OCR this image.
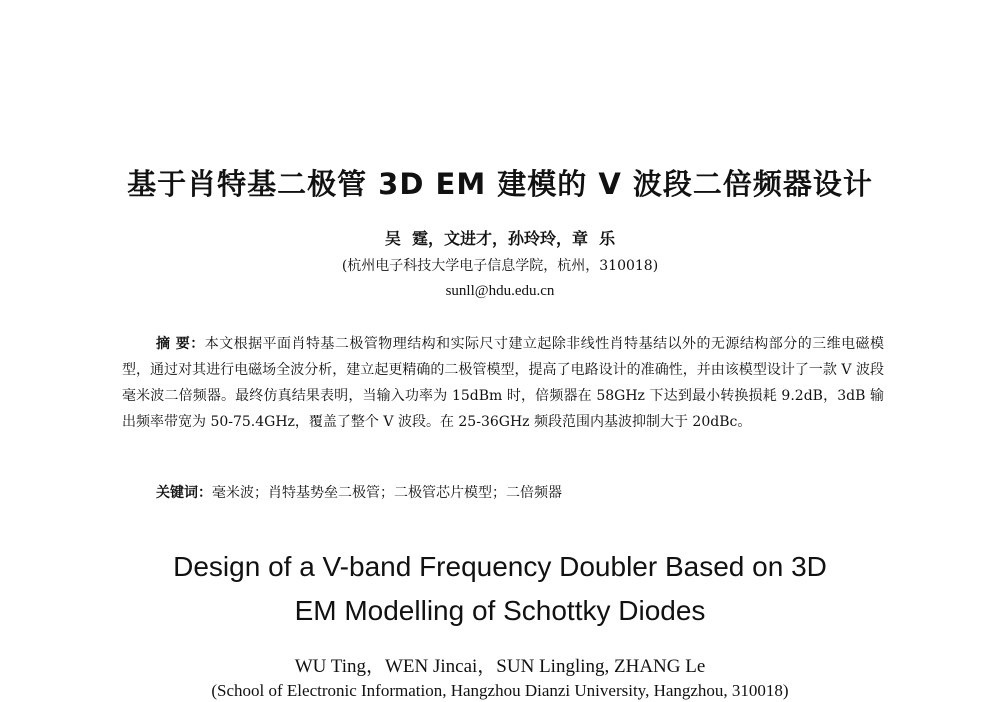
基于肖特基二极管 3D EM 建模的 V 波段二倍频器设计
吴  霆，文进才，孙玲玲，章  乐
(杭州电子科技大学电子信息学院，杭州，310018)
sunll@hdu.edu.cn
摘 要：本文根据平面肖特基二极管物理结构和实际尺寸建立起除非线性肖特基结以外的无源结构部分的三维电磁模型，通过对其进行电磁场全波分析，建立起更精确的二极管模型，提高了电路设计的准确性，并由该模型设计了一款 V 波段毫米波二倍频器。最终仿真结果表明，当输入功率为 15dBm 时，倍频器在 58GHz 下达到最小转换损耗 9.2dB，3dB 输出频率带宽为 50-75.4GHz，覆盖了整个 V 波段。在 25-36GHz 频段范围内基波抑制大于 20dBc。
关键词：毫米波；肖特基势垒二极管；二极管芯片模型；二倍频器
Design of a V-band Frequency Doubler Based on 3D
EM Modelling of Schottky Diodes
WU Ting，WEN Jincai，SUN Lingling, ZHANG Le
(School of Electronic Information, Hangzhou Dianzi University, Hangzhou, 310018)
